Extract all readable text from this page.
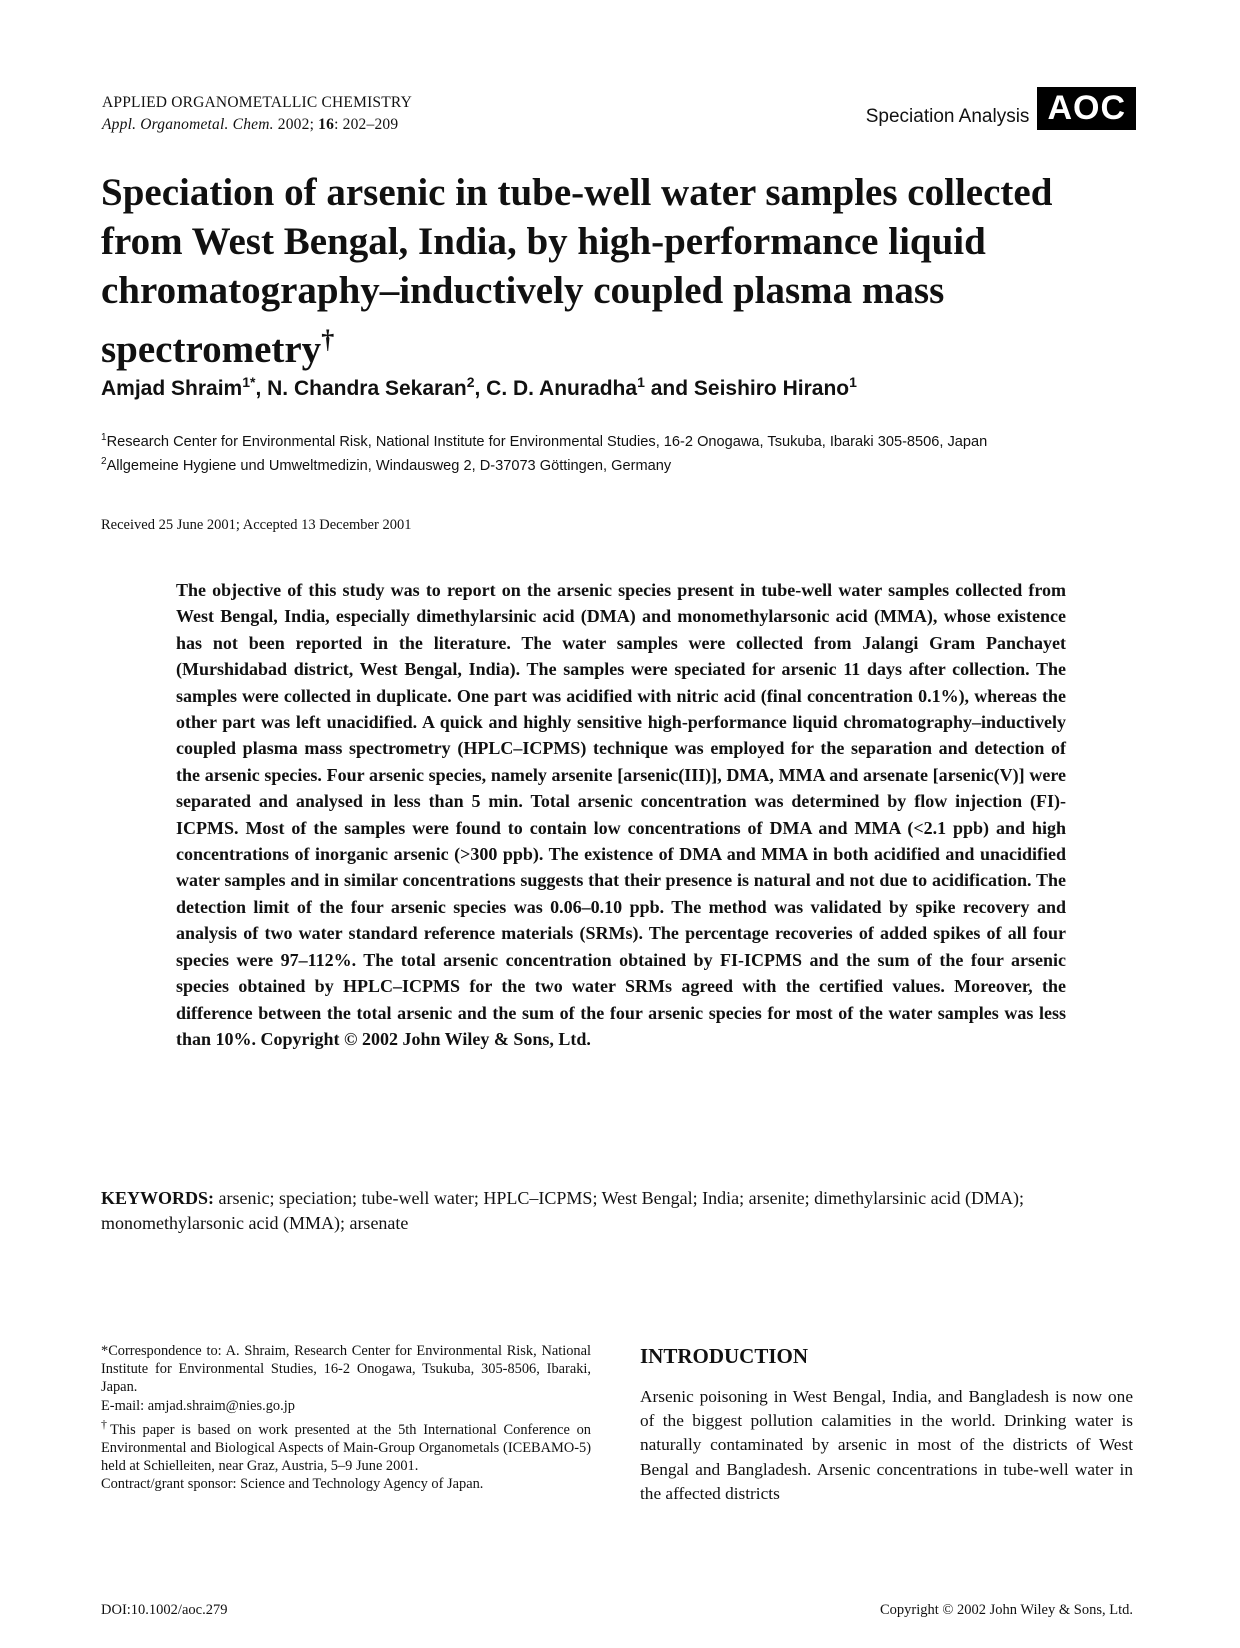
APPLIED ORGANOMETALLIC CHEMISTRY
Appl. Organometal. Chem. 2002; 16: 202–209	Speciation Analysis AOC
Speciation of arsenic in tube-well water samples collected from West Bengal, India, by high-performance liquid chromatography–inductively coupled plasma mass spectrometry†
Amjad Shraim$^{1*}$, N. Chandra Sekaran$^2$, C. D. Anuradha$^1$ and Seishiro Hirano$^1$
$^1$Research Center for Environmental Risk, National Institute for Environmental Studies, 16-2 Onogawa, Tsukuba, Ibaraki 305-8506, Japan
$^2$Allgemeine Hygiene und Umweltmedizin, Windausweg 2, D-37073 Göttingen, Germany
Received 25 June 2001; Accepted 13 December 2001

The objective of this study was to report on the arsenic species present in tube-well water samples collected from West Bengal, India, especially dimethylarsinic acid (DMA) and monomethylarsonic acid (MMA), whose existence has not been reported in the literature. The water samples were collected from Jalangi Gram Panchayet (Murshidabad district, West Bengal, India). The samples were speciated for arsenic 11 days after collection. The samples were collected in duplicate. One part was acidified with nitric acid (final concentration 0.1%), whereas the other part was left unacidified. A quick and highly sensitive high-performance liquid chromatography–inductively coupled plasma mass spectrometry (HPLC–ICPMS) technique was employed for the separation and detection of the arsenic species. Four arsenic species, namely arsenite [arsenic(III)], DMA, MMA and arsenate [arsenic(V)] were separated and analysed in less than 5 min. Total arsenic concentration was determined by flow injection (FI)-ICPMS. Most of the samples were found to contain low concentrations of DMA and MMA (<2.1 ppb) and high concentrations of inorganic arsenic (>300 ppb). The existence of DMA and MMA in both acidified and unacidified water samples and in similar concentrations suggests that their presence is natural and not due to acidification. The detection limit of the four arsenic species was 0.06–0.10 ppb. The method was validated by spike recovery and analysis of two water standard reference materials (SRMs). The percentage recoveries of added spikes of all four species were 97–112%. The total arsenic concentration obtained by FI-ICPMS and the sum of the four arsenic species obtained by HPLC–ICPMS for the two water SRMs agreed with the certified values. Moreover, the difference between the total arsenic and the sum of the four arsenic species for most of the water samples was less than 10%. Copyright © 2002 John Wiley & Sons, Ltd.

KEYWORDS: arsenic; speciation; tube-well water; HPLC–ICPMS; West Bengal; India; arsenite; dimethylarsinic acid (DMA); monomethylarsonic acid (MMA); arsenate

*Correspondence to: A. Shraim, Research Center for Environmental Risk, National Institute for Environmental Studies, 16-2 Onogawa, Tsukuba, 305-8506, Ibaraki, Japan.

E-mail: amjad.shraim@nies.go.jp

†This paper is based on work presented at the 5th International Conference on Environmental and Biological Aspects of Main-Group Organometals (ICEBAMO-5) held at Schielleiten, near Graz, Austria, 5–9 June 2001.

Contract/grant sponsor: Science and Technology Agency of Japan.

INTRODUCTION

Arsenic poisoning in West Bengal, India, and Bangladesh is now one of the biggest pollution calamities in the world. Drinking water is naturally contaminated by arsenic in most of the districts of West Bengal and Bangladesh. Arsenic concentrations in tube-well water in the affected districts

DOI:10.1002/aoc.279	Copyright © 2002 John Wiley & Sons, Ltd.
